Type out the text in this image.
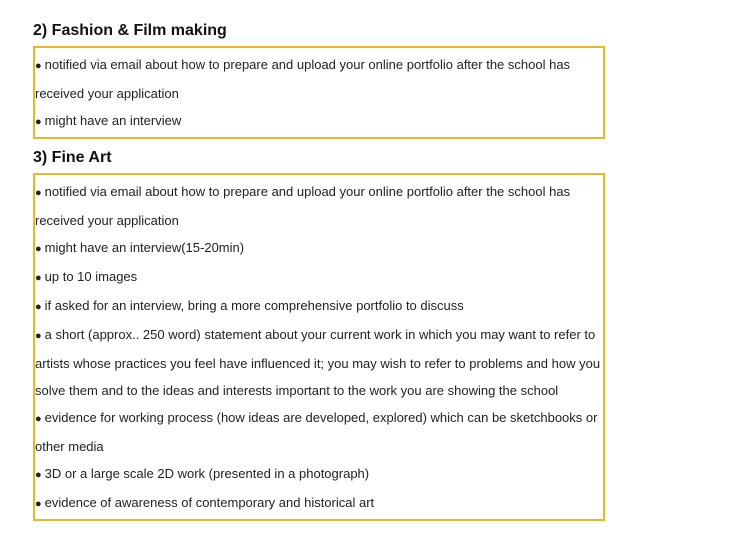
2) Fashion & Film making
● notified via email about how to prepare and upload your online portfolio after the school has received your application
● might have an interview
3) Fine Art
● notified via email about how to prepare and upload your online portfolio after the school has received your application
● might have an interview(15-20min)
● up to 10 images
● if asked for an interview, bring a more comprehensive portfolio to discuss
● a short (approx.. 250 word) statement about your current work in which you may want to refer to artists whose practices you feel have influenced it; you may wish to refer to problems and how you solve them and to the ideas and interests important to the work you are showing the school
● evidence for working process (how ideas are developed, explored) which can be sketchbooks or other media
● 3D or a large scale 2D work (presented in a photograph)
● evidence of awareness of contemporary and historical art
